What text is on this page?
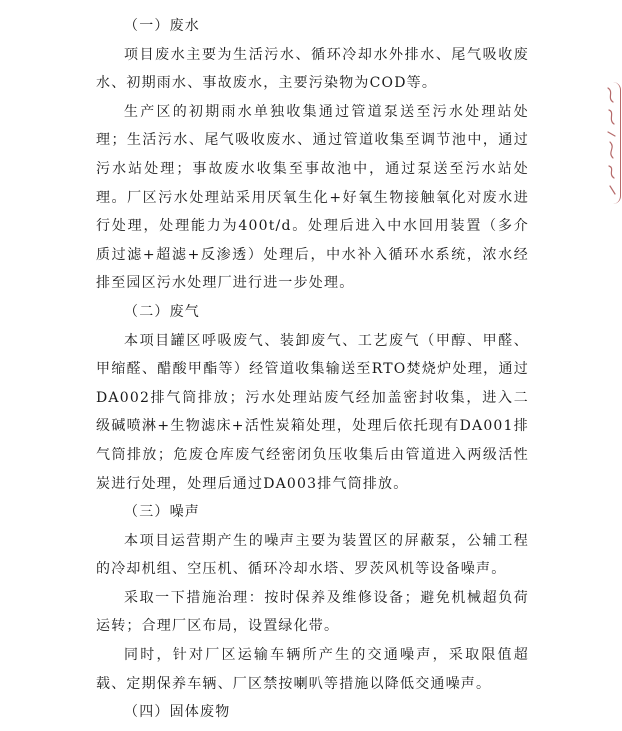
（一）废水

项目废水主要为生活污水、循环冷却水外排水、尾气吸收废水、初期雨水、事故废水，主要污染物为COD等。

生产区的初期雨水单独收集通过管道泵送至污水处理站处理；生活污水、尾气吸收废水、通过管道收集至调节池中，通过污水站处理；事故废水收集至事故池中，通过泵送至污水站处理。厂区污水处理站采用厌氧生化+好氧生物接触氧化对废水进行处理，处理能力为400t/d。处理后进入中水回用装置（多介质过滤+超滤+反渗透）处理后，中水补入循环水系统，浓水经排至园区污水处理厂进行进一步处理。

（二）废气

本项目罐区呼吸废气、装卸废气、工艺废气（甲醇、甲醛、甲缩醛、醋酸甲酯等）经管道收集输送至RTO焚烧炉处理，通过DA002排气筒排放；污水处理站废气经加盖密封收集，进入二级碱喷淋+生物滤床+活性炭箱处理，处理后依托现有DA001排气筒排放；危废仓库废气经密闭负压收集后由管道进入两级活性炭进行处理，处理后通过DA003排气筒排放。

（三）噪声

本项目运营期产生的噪声主要为装置区的屏蔽泵，公辅工程的冷却机组、空压机、循环冷却水塔、罗茨风机等设备噪声。

采取一下措施治理：按时保养及维修设备；避免机械超负荷运转；合理厂区布局，设置绿化带。

同时，针对厂区运输车辆所产生的交通噪声，采取限值超载、定期保养车辆、厂区禁按喇叭等措施以降低交通噪声。

（四）固体废物
